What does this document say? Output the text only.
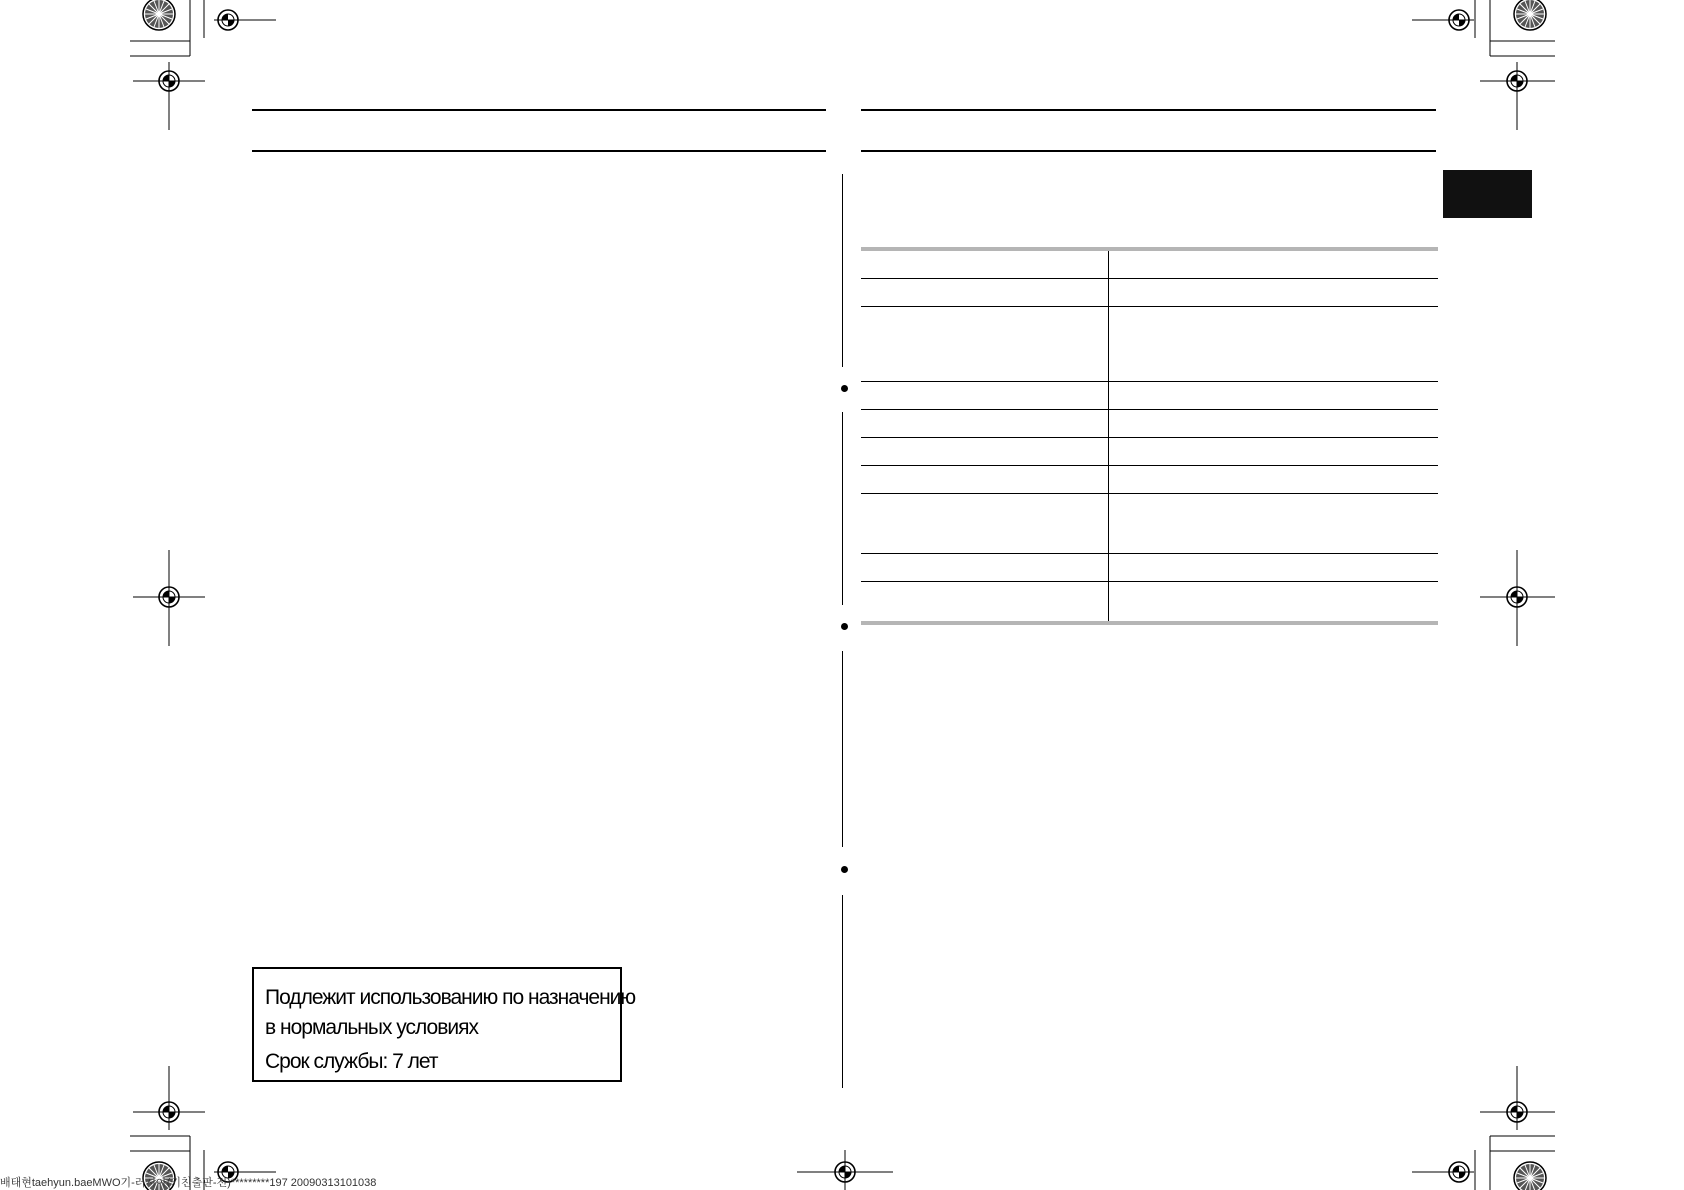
Подлежит использованию по назначению
в нормальных условиях
Срок службы: 7 лет
배태현taehyun.baeMWO기-러시아(키친출판-전)*********197 20090313101038
